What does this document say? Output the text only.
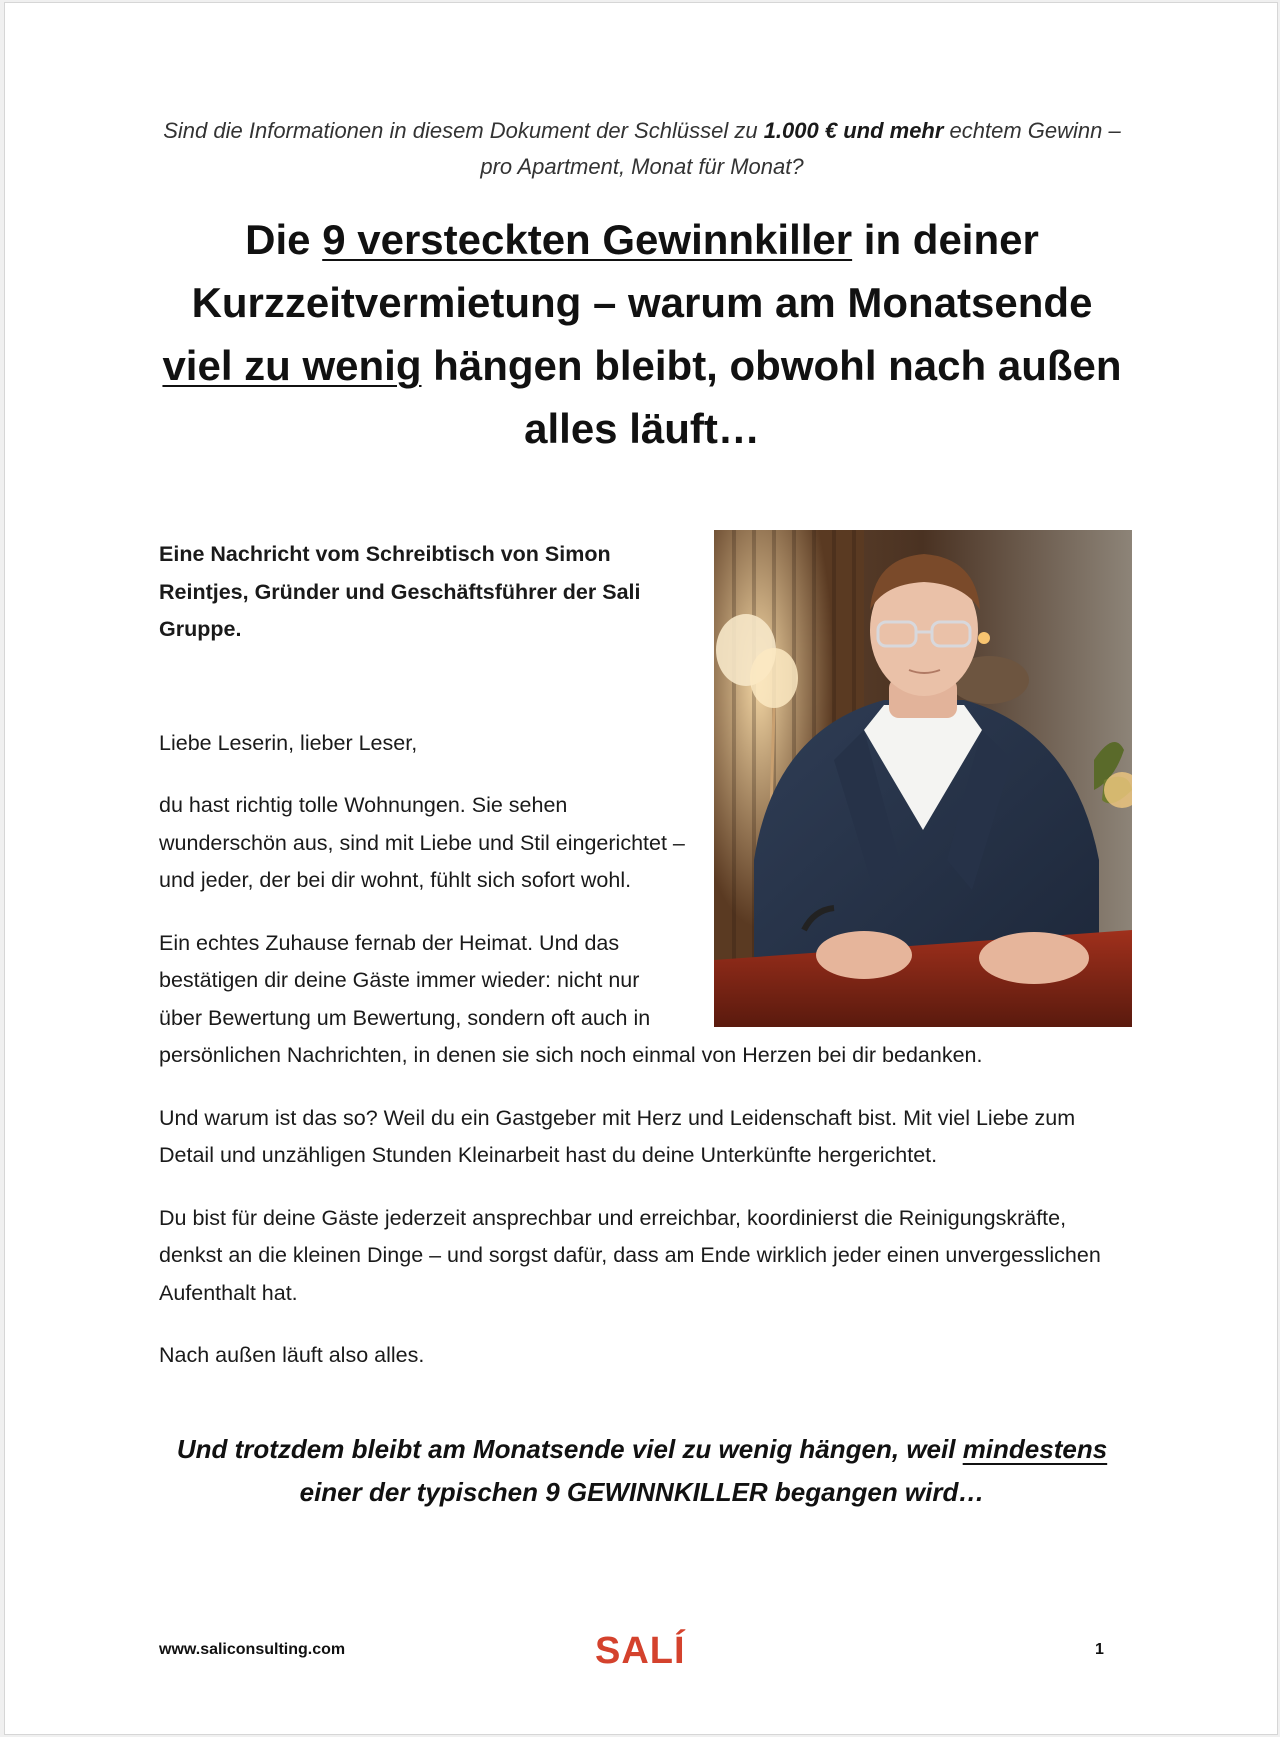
Sind die Informationen in diesem Dokument der Schlüssel zu 1.000 € und mehr echtem Gewinn – pro Apartment, Monat für Monat?
Die 9 versteckten Gewinnkiller in deiner Kurzzeitvermietung – warum am Monatsende viel zu wenig hängen bleibt, obwohl nach außen alles läuft…

Eine Nachricht vom Schreibtisch von Simon Reintjes, Gründer und Geschäftsführer der Sali Gruppe.

Liebe Leserin, lieber Leser,

du hast richtig tolle Wohnungen. Sie sehen wunderschön aus, sind mit Liebe und Stil eingerichtet – und jeder, der bei dir wohnt, fühlt sich sofort wohl.

Ein echtes Zuhause fernab der Heimat. Und das bestätigen dir deine Gäste immer wieder: nicht nur über Bewertung um Bewertung, sondern oft auch in persönlichen Nachrichten, in denen sie sich noch einmal von Herzen bei dir bedanken.

Und warum ist das so? Weil du ein Gastgeber mit Herz und Leidenschaft bist. Mit viel Liebe zum Detail und unzähligen Stunden Kleinarbeit hast du deine Unterkünfte hergerichtet.

Du bist für deine Gäste jederzeit ansprechbar und erreichbar, koordinierst die Reinigungskräfte, denkst an die kleinen Dinge – und sorgst dafür, dass am Ende wirklich jeder einen unvergesslichen Aufenthalt hat.

Nach außen läuft also alles.

Und trotzdem bleibt am Monatsende viel zu wenig hängen, weil mindestens einer der typischen 9 GEWINNKILLER begangen wird…
www.saliconsulting.com	SALÍ	1
